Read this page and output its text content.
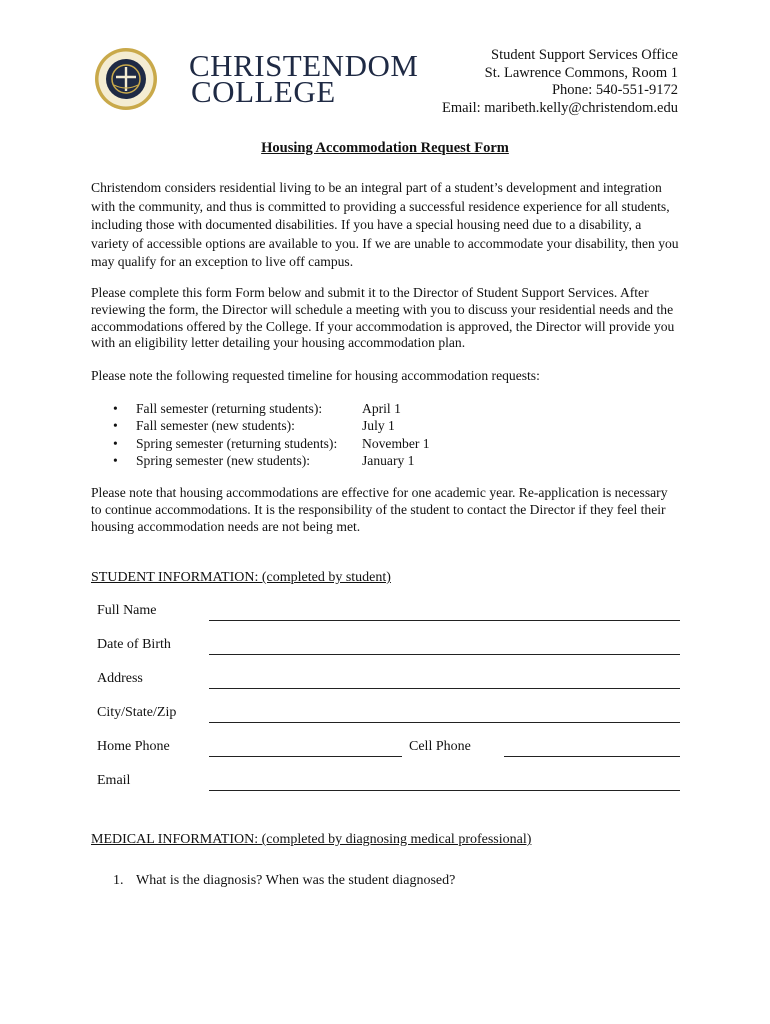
CHRISTENDOM
COLLEGE
Student Support Services Office
St. Lawrence Commons, Room 1
Phone: 540-551-9172
Email: maribeth.kelly@christendom.edu
Housing Accommodation Request Form
Christendom considers residential living to be an integral part of a student’s development and integration with the community, and thus is committed to providing a successful residence experience for all students, including those with documented disabilities. If you have a special housing need due to a disability, a variety of accessible options are available to you. If we are unable to accommodate your disability, then you may qualify for an exception to live off campus.
Please complete this form Form below and submit it to the Director of Student Support Services. After reviewing the form, the Director will schedule a meeting with you to discuss your residential needs and the accommodations offered by the College. If your accommodation is approved, the Director will provide you with an eligibility letter detailing your housing accommodation plan.
Please note the following requested timeline for housing accommodation requests:
•	Fall semester (returning students):	April 1
•	Fall semester (new students):	July 1
•	Spring semester (returning students):	November 1
•	Spring semester (new students):	January 1
Please note that housing accommodations are effective for one academic year. Re-application is necessary to continue accommodations. It is the responsibility of the student to contact the Director if they feel their housing accommodation needs are not being met.
STUDENT INFORMATION: (completed by student)
Full Name
Date of Birth
Address
City/State/Zip
Home Phone	Cell Phone
Email
MEDICAL INFORMATION: (completed by diagnosing medical professional)
1. What is the diagnosis? When was the student diagnosed?
